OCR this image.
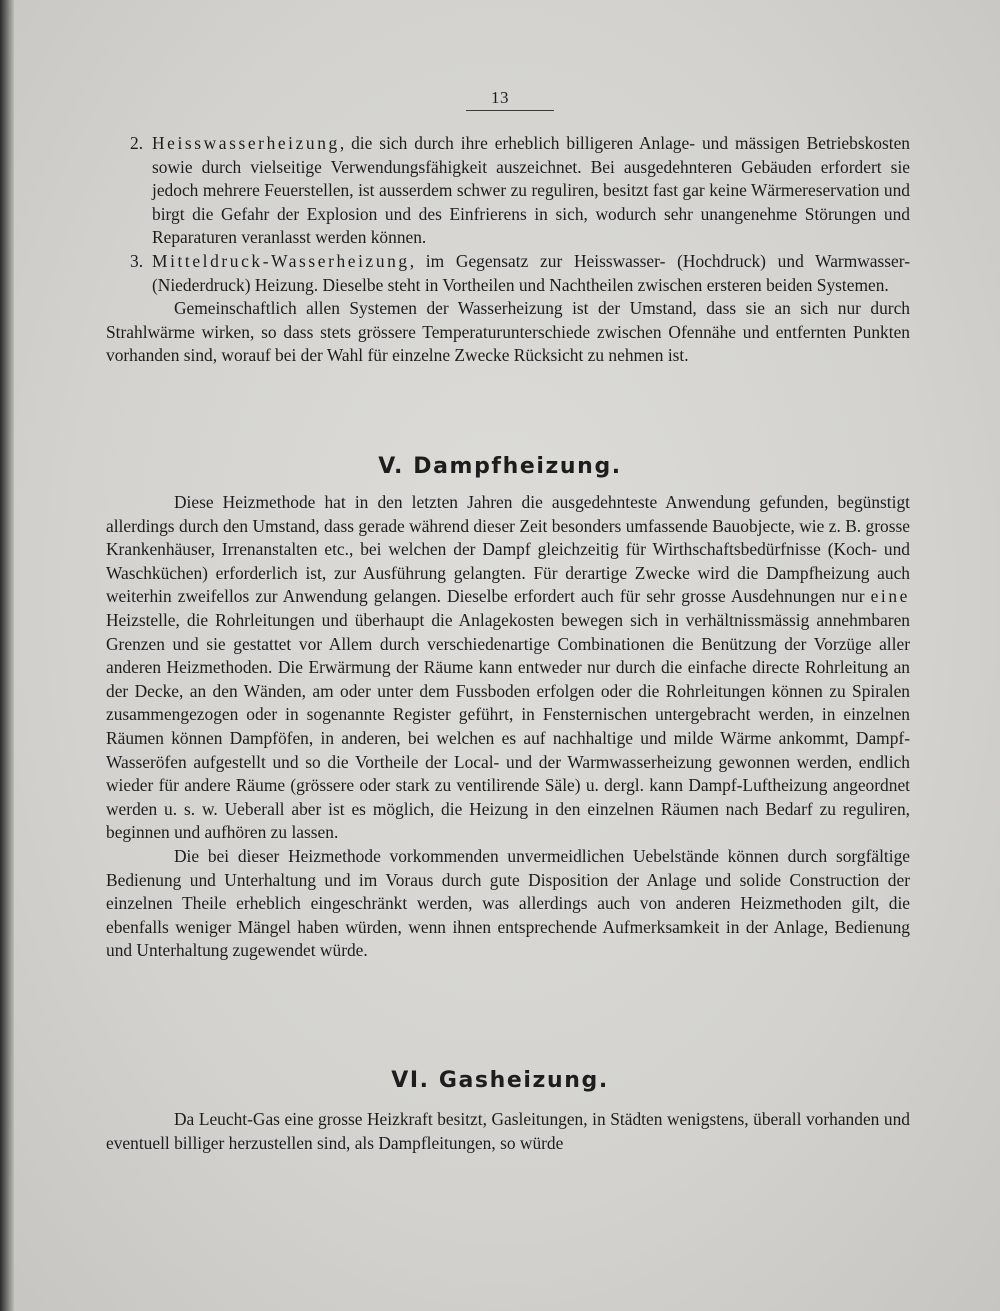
13

2. Heisswasserheizung, die sich durch ihre erheblich billigeren Anlage- und mässigen Betriebskosten sowie durch vielseitige Verwendungsfähigkeit auszeichnet. Bei ausgedehnteren Gebäuden erfordert sie jedoch mehrere Feuerstellen, ist ausserdem schwer zu reguliren, besitzt fast gar keine Wärmereservation und birgt die Gefahr der Explosion und des Einfrierens in sich, wodurch sehr unangenehme Störungen und Reparaturen veranlasst werden können.

3. Mitteldruck-Wasserheizung, im Gegensatz zur Heisswasser- (Hochdruck) und Warmwasser- (Niederdruck) Heizung. Dieselbe steht in Vortheilen und Nachtheilen zwischen ersteren beiden Systemen.

Gemeinschaftlich allen Systemen der Wasserheizung ist der Umstand, dass sie an sich nur durch Strahlwärme wirken, so dass stets grössere Temperaturunterschiede zwischen Ofennähe und entfernten Punkten vorhanden sind, worauf bei der Wahl für einzelne Zwecke Rücksicht zu nehmen ist.

V. Dampfheizung.

Diese Heizmethode hat in den letzten Jahren die ausgedehnteste Anwendung gefunden, begünstigt allerdings durch den Umstand, dass gerade während dieser Zeit besonders umfassende Bauobjecte, wie z. B. grosse Krankenhäuser, Irrenanstalten etc., bei welchen der Dampf gleichzeitig für Wirthschaftsbedürfnisse (Koch- und Waschküchen) erforderlich ist, zur Ausführung gelangten. Für derartige Zwecke wird die Dampfheizung auch weiterhin zweifellos zur Anwendung gelangen. Dieselbe erfordert auch für sehr grosse Ausdehnungen nur eine Heizstelle, die Rohrleitungen und überhaupt die Anlagekosten bewegen sich in verhältnissmässig annehmbaren Grenzen und sie gestattet vor Allem durch verschiedenartige Combinationen die Benützung der Vorzüge aller anderen Heizmethoden. Die Erwärmung der Räume kann entweder nur durch die einfache directe Rohrleitung an der Decke, an den Wänden, am oder unter dem Fussboden erfolgen oder die Rohrleitungen können zu Spiralen zusammengezogen oder in sogenannte Register geführt, in Fensternischen untergebracht werden, in einzelnen Räumen können Dampföfen, in anderen, bei welchen es auf nachhaltige und milde Wärme ankommt, Dampf-Wasseröfen aufgestellt und so die Vortheile der Local- und der Warmwasserheizung gewonnen werden, endlich wieder für andere Räume (grössere oder stark zu ventilirende Säle) u. dergl. kann Dampf-Luftheizung angeordnet werden u. s. w. Ueberall aber ist es möglich, die Heizung in den einzelnen Räumen nach Bedarf zu reguliren, beginnen und aufhören zu lassen.

Die bei dieser Heizmethode vorkommenden unvermeidlichen Uebelstände können durch sorgfältige Bedienung und Unterhaltung und im Voraus durch gute Disposition der Anlage und solide Construction der einzelnen Theile erheblich eingeschränkt werden, was allerdings auch von anderen Heizmethoden gilt, die ebenfalls weniger Mängel haben würden, wenn ihnen entsprechende Aufmerksamkeit in der Anlage, Bedienung und Unterhaltung zugewendet würde.

VI. Gasheizung.

Da Leucht-Gas eine grosse Heizkraft besitzt, Gasleitungen, in Städten wenigstens, überall vorhanden und eventuell billiger herzustellen sind, als Dampfleitungen, so würde
